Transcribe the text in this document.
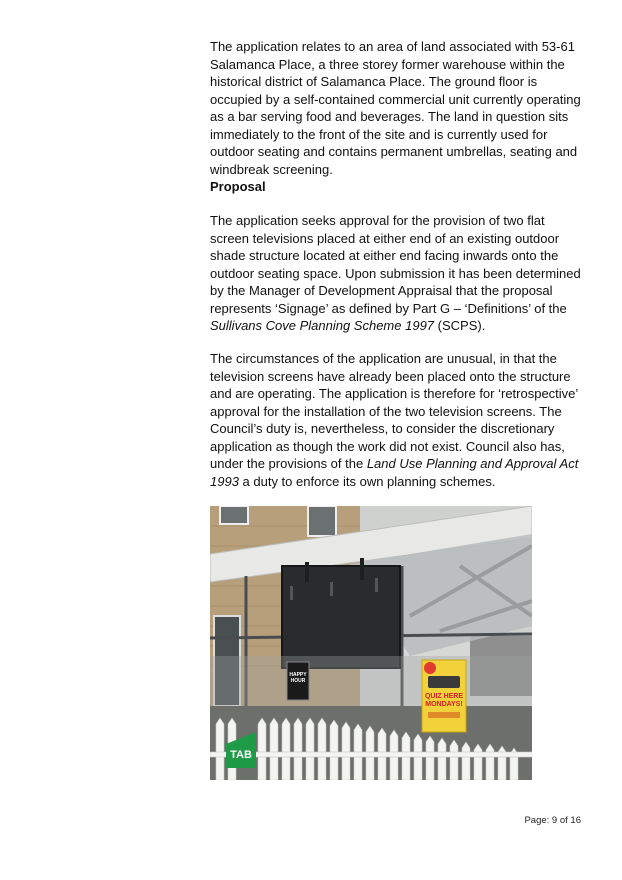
The application relates to an area of land associated with 53-61 Salamanca Place, a three storey former warehouse within the historical district of Salamanca Place. The ground floor is occupied by a self-contained commercial unit currently operating as a bar serving food and beverages. The land in question sits immediately to the front of the site and is currently used for outdoor seating and contains permanent umbrellas, seating and windbreak screening.

Proposal

The application seeks approval for the provision of two flat screen televisions placed at either end of an existing outdoor shade structure located at either end facing inwards onto the outdoor seating space. Upon submission it has been determined by the Manager of Development Appraisal that the proposal represents ‘Signage’ as defined by Part G – ‘Definitions’ of the Sullivans Cove Planning Scheme 1997 (SCPS).

The circumstances of the application are unusual, in that the television screens have already been placed onto the structure and are operating. The application is therefore for ‘retrospective’ approval for the installation of the two television screens. The Council’s duty is, nevertheless, to consider the discretionary application as though the work did not exist. Council also has, under the provisions of the Land Use Planning and Approval Act 1993 a duty to enforce its own planning schemes.

HAPPY
HOUR
QUIZ HERE
MONDAYS!
TAB
Page: 9 of 16
